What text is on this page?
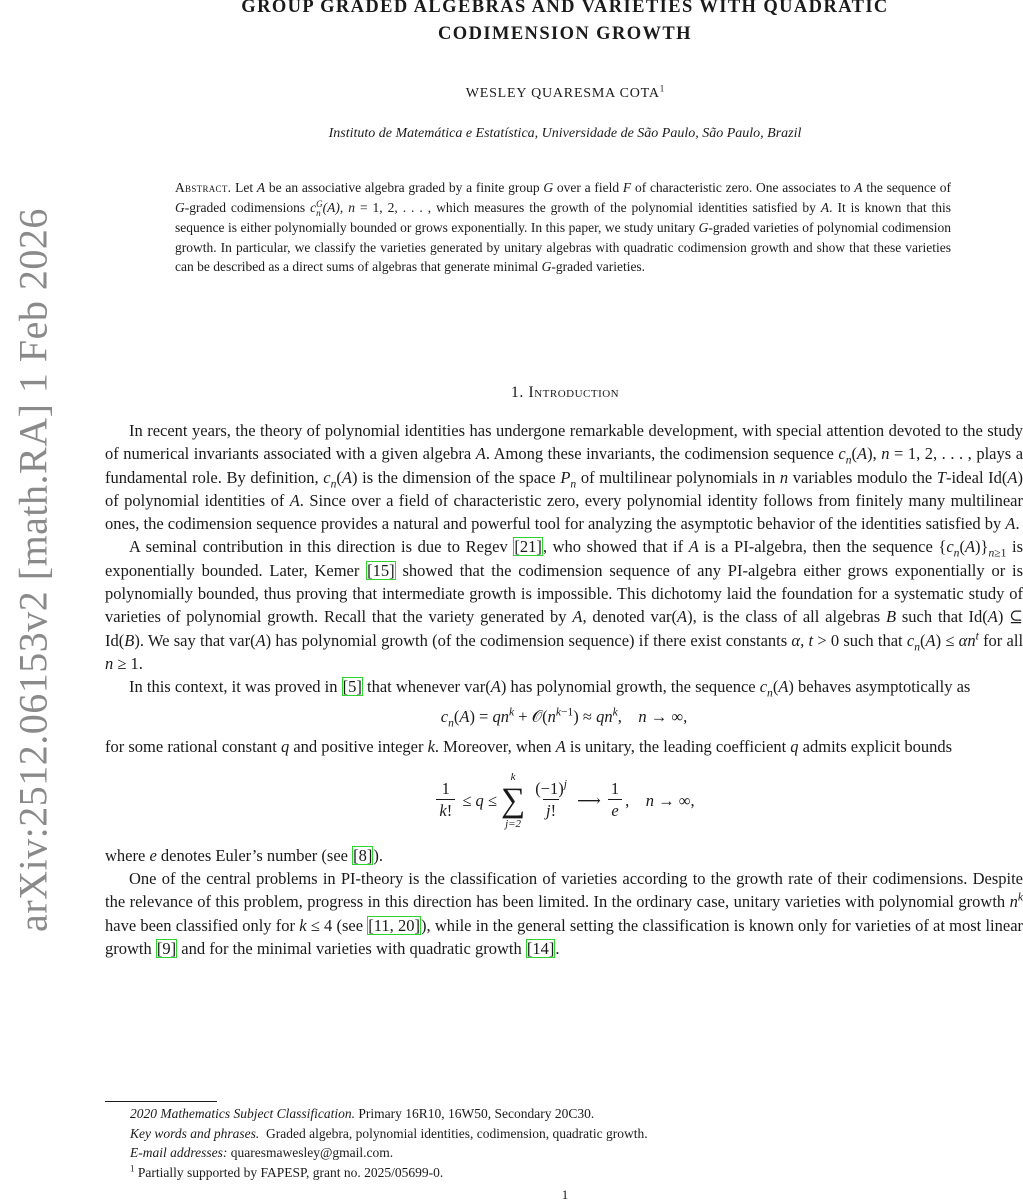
arXiv:2512.06153v2 [math.RA] 1 Feb 2026
GROUP GRADED ALGEBRAS AND VARIETIES WITH QUADRATIC
CODIMENSION GROWTH
WESLEY QUARESMA COTA$^1$
Instituto de Matemática e Estatística, Universidade de São Paulo, São Paulo, Brazil
Abstract. Let A be an associative algebra graded by a finite group G over a field F of characteristic zero. One associates to A the sequence of G-graded codimensions cG
n (A), n = 1, 2, . . . , which measures the growth of the polynomial identities satisfied by A. It is known that this sequence is either polynomially bounded or grows exponentially. In this paper, we study unitary G-graded varieties of polynomial codimension growth. In particular, we classify the varieties generated by unitary algebras with quadratic codimension growth and show that these varieties can be described as a direct sums of algebras that generate minimal G-graded varieties.
1. Introduction

In recent years, the theory of polynomial identities has undergone remarkable development, with special attention devoted to the study of numerical invariants associated with a given algebra A. Among these invariants, the codimension sequence $c_n(A)$, n = 1, 2, . . . , plays a fundamental role. By definition, $c_n(A)$ is the dimension of the space $P_n$ of multilinear polynomials in n variables modulo the T-ideal Id(A) of polynomial identities of A. Since over a field of characteristic zero, every polynomial identity follows from finitely many multilinear ones, the codimension sequence provides a natural and powerful tool for analyzing the asymptotic behavior of the identities satisfied by A.

A seminal contribution in this direction is due to Regev [21], who showed that if A is a PI-algebra, then the sequence $\{c_n(A)\}_{n\ge 1}$ is exponentially bounded. Later, Kemer [15] showed that the codimension sequence of any PI-algebra either grows exponentially or is polynomially bounded, thus proving that intermediate growth is impossible. This dichotomy laid the foundation for a systematic study of varieties of polynomial growth. Recall that the variety generated by A, denoted var(A), is the class of all algebras B such that Id(A) ⊆ Id(B). We say that var(A) has polynomial growth (of the codimension sequence) if there exist constants α, t > 0 such that $c_n(A) \le \alpha n^t$ for all n ≥ 1.

In this context, it was proved in [5] that whenever var(A) has polynomial growth, the sequence $c_n(A)$ behaves asymptotically as

$c_n(A) = qn^k$ + $𝒪(n^{k-1}) \approx qn^k$,    n → ∞,

for some rational constant q and positive integer k. Moreover, when A is unitary, the leading coefficient q admits explicit bounds

$\frac{1}{k!} \le q$ ≤
k
∑
j=2
$\frac{(-1)^j}{j!}$ ⟶ $\frac{1}{e}$ ,    n → ∞,

where e denotes Euler’s number (see [8]).

One of the central problems in PI-theory is the classification of varieties according to the growth rate of their codimensions. Despite the relevance of this problem, progress in this direction has been limited. In the ordinary case, unitary varieties with polynomial growth $n^k$ have been classified only for k ≤ 4 (see [11, 20]), while in the general setting the classification is known only for varieties of at most linear growth [9] and for the minimal varieties with quadratic growth [14].

2020 Mathematics Subject Classification. Primary 16R10, 16W50, Secondary 20C30.
Key words and phrases. Graded algebra, polynomial identities, codimension, quadratic growth.
E-mail addresses: quaresmawesley@gmail.com.
$^1$ Partially supported by FAPESP, grant no. 2025/05699-0.
1
